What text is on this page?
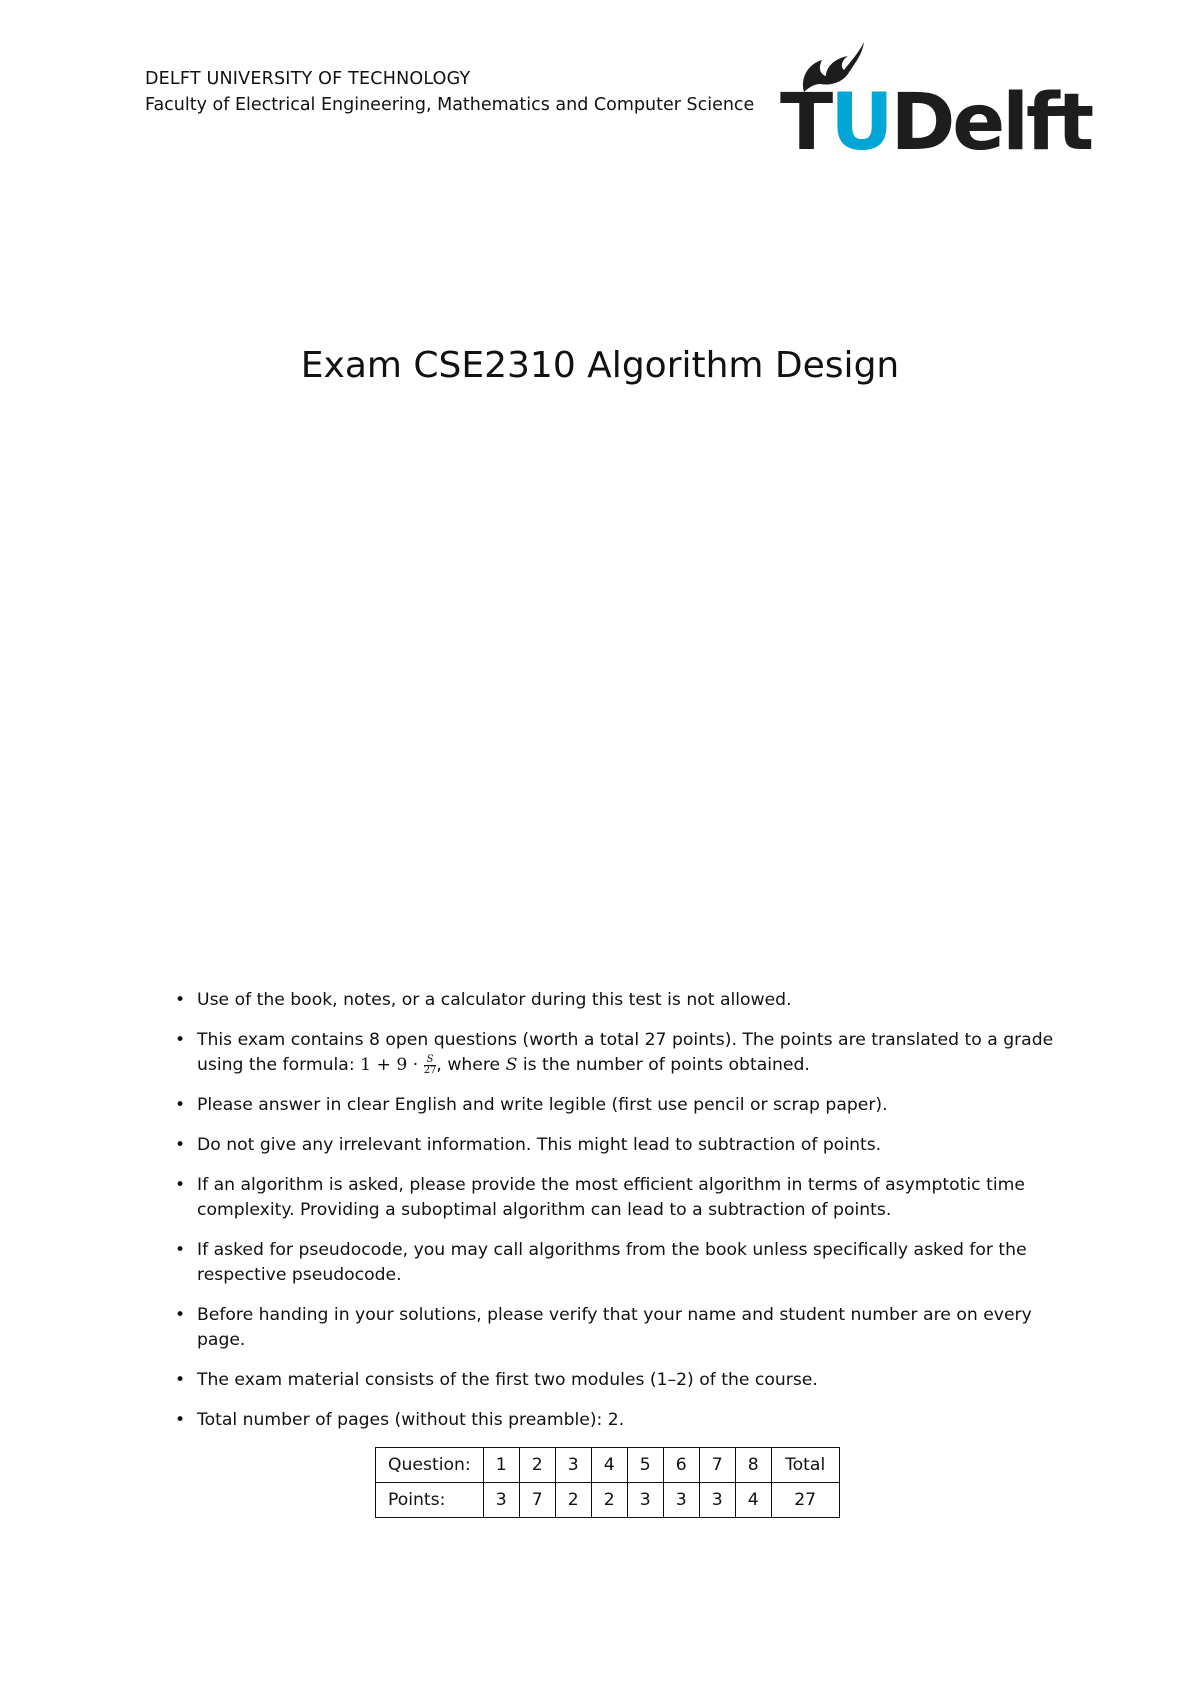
DELFT UNIVERSITY OF TECHNOLOGY

Faculty of Electrical Engineering, Mathematics and Computer Science TUDelft
Exam CSE2310 Algorithm Design
• Use of the book, notes, or a calculator during this test is not allowed.
• This exam contains 8 open questions (worth a total 27 points). The points are translated to a grade using the formula: $1 + 9 \cdot \frac{S}{27}$ , where S is the number of points obtained.
• Please answer in clear English and write legible (first use pencil or scrap paper).
• Do not give any irrelevant information. This might lead to subtraction of points.
• If an algorithm is asked, please provide the most efficient algorithm in terms of asymptotic time complexity. Providing a suboptimal algorithm can lead to a subtraction of points.
• If asked for pseudocode, you may call algorithms from the book unless specifically asked for the respective pseudocode.
• Before handing in your solutions, please verify that your name and student number are on every page.
• The exam material consists of the first two modules (1–2) of the course.
• Total number of pages (without this preamble): 2.
Question:	1	2	3	4	5	6	7	8	Total
Points:	3	7	2	2	3	3	3	4	27
